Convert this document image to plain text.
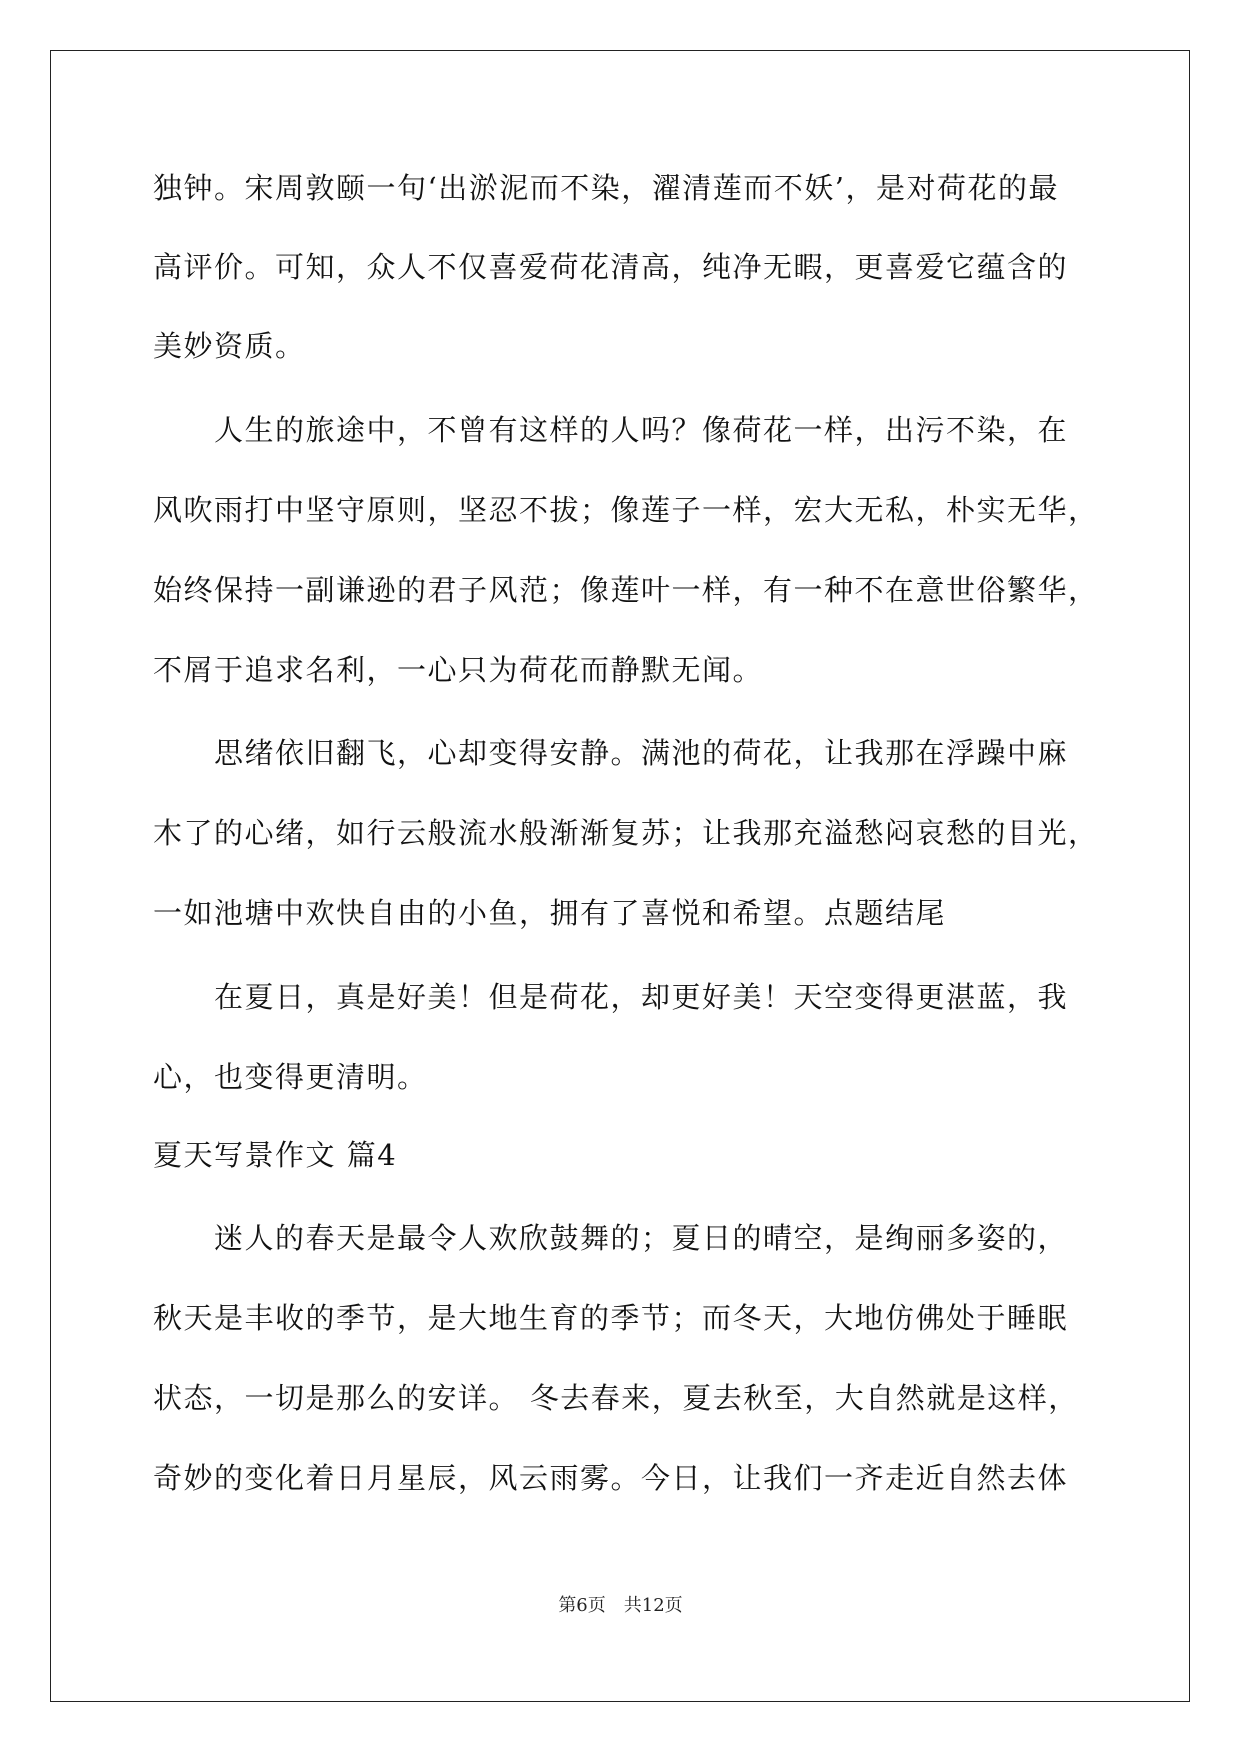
独钟。宋周敦颐一句‘出淤泥而不染，濯清莲而不妖’，是对荷花的最
高评价。可知，众人不仅喜爱荷花清高，纯净无暇，更喜爱它蕴含的
美妙资质。
　　人生的旅途中，不曾有这样的人吗？像荷花一样，出污不染，在
风吹雨打中坚守原则，坚忍不拔；像莲子一样，宏大无私，朴实无华，
始终保持一副谦逊的君子风范；像莲叶一样，有一种不在意世俗繁华，
不屑于追求名利，一心只为荷花而静默无闻。
　　思绪依旧翻飞，心却变得安静。满池的荷花，让我那在浮躁中麻
木了的心绪，如行云般流水般渐渐复苏；让我那充溢愁闷哀愁的目光，
一如池塘中欢快自由的小鱼，拥有了喜悦和希望。点题结尾
　　在夏日，真是好美！但是荷花，却更好美！天空变得更湛蓝，我
心，也变得更清明。
夏天写景作文 篇4
　　迷人的春天是最令人欢欣鼓舞的；夏日的晴空，是绚丽多姿的，
秋天是丰收的季节，是大地生育的季节；而冬天，大地仿佛处于睡眠
状态，一切是那么的安详。 冬去春来，夏去秋至，大自然就是这样，
奇妙的变化着日月星辰，风云雨雾。今日，让我们一齐走近自然去体
第6页　共12页
